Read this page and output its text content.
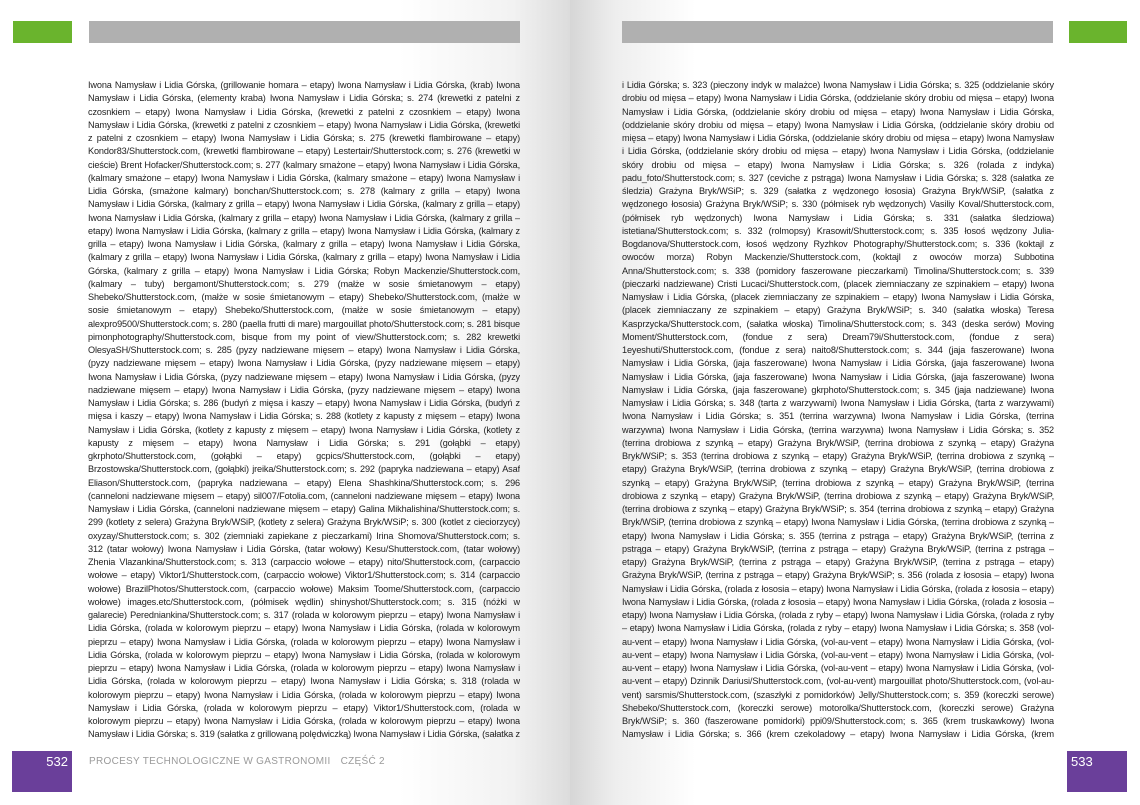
Iwona Namysław i Lidia Górska, (grillowanie homara – etapy) Iwona Namysław i Lidia Górska, (krab) Iwona Namysław i Lidia Górska, (elementy kraba) Iwona Namysław i Lidia Górska; s. 274 (krewetki z patelni z czosnkiem – etapy) Iwona Namysław i Lidia Górska, (krewetki z patelni z czosnkiem – etapy) Iwona Namysław i Lidia Górska, (krewetki z patelni z czosnkiem – etapy) Iwona Namysław i Lidia Górska, (krewetki z patelni z czosnkiem – etapy) Iwona Namysław i Lidia Górska; s. 275 (krewetki flambirowane – etapy) Kondor83/Shutterstock.com, (krewetki flambirowane – etapy) Lestertair/Shutterstock.com; s. 276 (krewetki w cieście) Brent Hofacker/Shutterstock.com; s. 277 (kalmary smażone – etapy) Iwona Namysław i Lidia Górska, (kalmary smażone – etapy) Iwona Namysław i Lidia Górska, (kalmary smażone – etapy) Iwona Namysław i Lidia Górska, (smażone kalmary) bonchan/Shutterstock.com; s. 278 (kalmary z grilla – etapy) Iwona Namysław i Lidia Górska, (kalmary z grilla – etapy) Iwona Namysław i Lidia Górska, (kalmary z grilla – etapy) Iwona Namysław i Lidia Górska, (kalmary z grilla – etapy) Iwona Namysław i Lidia Górska, (kalmary z grilla – etapy) Iwona Namysław i Lidia Górska, (kalmary z grilla – etapy) Iwona Namysław i Lidia Górska, (kalmary z grilla – etapy) Iwona Namysław i Lidia Górska, (kalmary z grilla – etapy) Iwona Namysław i Lidia Górska, (kalmary z grilla – etapy) Iwona Namysław i Lidia Górska, (kalmary z grilla – etapy) Iwona Namysław i Lidia Górska, (kalmary z grilla – etapy) Iwona Namysław i Lidia Górska; Robyn Mackenzie/Shutterstock.com, (kalmary – tuby) bergamont/Shutterstock.com; s. 279 (małże w sosie śmietanowym – etapy) Shebeko/Shutterstock.com, (małże w sosie śmietanowym – etapy) Shebeko/Shutterstock.com, (małże w sosie śmietanowym – etapy) Shebeko/Shutterstock.com, (małże w sosie śmietanowym – etapy) alexpro9500/Shutterstock.com; s. 280 (paella frutti di mare) margouillat photo/Shutterstock.com; s. 281 bisque pimonphotography/Shutterstock.com, bisque from my point of view/Shutterstock.com; s. 282 krewetki OlesyaSH/Shutterstock.com; s. 285 (pyzy nadziewane mięsem – etapy) Iwona Namysław i Lidia Górska, (pyzy nadziewane mięsem – etapy) Iwona Namysław i Lidia Górska, (pyzy nadziewane mięsem – etapy) Iwona Namysław i Lidia Górska, (pyzy nadziewane mięsem – etapy) Iwona Namysław i Lidia Górska, (pyzy nadziewane mięsem – etapy) Iwona Namysław i Lidia Górska, (pyzy nadziewane mięsem – etapy) Iwona Namysław i Lidia Górska; s. 286 (budyń z mięsa i kaszy – etapy) Iwona Namysław i Lidia Górska, (budyń z mięsa i kaszy – etapy) Iwona Namysław i Lidia Górska; s. 288 (kotlety z kapusty z mięsem – etapy) Iwona Namysław i Lidia Górska, (kotlety z kapusty z mięsem – etapy) Iwona Namysław i Lidia Górska, (kotlety z kapusty z mięsem – etapy) Iwona Namysław i Lidia Górska; s. 291 (gołąbki – etapy) gkrphoto/Shutterstock.com, (gołąbki – etapy) gcpics/Shutterstock.com, (gołąbki – etapy) Brzostowska/Shutterstock.com, (gołąbki) jreika/Shutterstock.com; s. 292 (papryka nadziewana – etapy) Asaf Eliason/Shutterstock.com, (papryka nadziewana – etapy) Elena Shashkina/Shutterstock.com; s. 296 (canneloni nadziewane mięsem – etapy) sil007/Fotolia.com, (canneloni nadziewane mięsem – etapy) Iwona Namysław i Lidia Górska, (canneloni nadziewane mięsem – etapy) Galina Mikhalishina/Shutterstock.com; s. 299 (kotlety z selera) Grażyna Bryk/WSiP, (kotlety z selera) Grażyna Bryk/WSiP; s. 300 (kotlet z cieciorzycy) oxyzay/Shutterstock.com; s. 302 (ziemniaki zapiekane z pieczarkami) Irina Shomova/Shutterstock.com; s. 312 (tatar wołowy) Iwona Namysław i Lidia Górska, (tatar wołowy) Kesu/Shutterstock.com, (tatar wołowy) Zhenia Vlazankina/Shutterstock.com; s. 313 (carpaccio wołowe – etapy) nito/Shutterstock.com, (carpaccio wołowe – etapy) Viktor1/Shutterstock.com, (carpaccio wołowe) Viktor1/Shutterstock.com; s. 314 (carpaccio wołowe) BrazilPhotos/Shutterstock.com, (carpaccio wołowe) Maksim Toome/Shutterstock.com, (carpaccio wołowe) images.etc/Shutterstock.com, (półmisek wędlin) shinyshot/Shutterstock.com; s. 315 (nóżki w galarecie) Peredniankina/Shutterstock.com; s. 317 (rolada w kolorowym pieprzu – etapy) Iwona Namysław i Lidia Górska, (rolada w kolorowym pieprzu – etapy) Iwona Namysław i Lidia Górska, (rolada w kolorowym pieprzu – etapy) Iwona Namysław i Lidia Górska, (rolada w kolorowym pieprzu – etapy) Iwona Namysław i Lidia Górska, (rolada w kolorowym pieprzu – etapy) Iwona Namysław i Lidia Górska, (rolada w kolorowym pieprzu – etapy) Iwona Namysław i Lidia Górska, (rolada w kolorowym pieprzu – etapy) Iwona Namysław i Lidia Górska, (rolada w kolorowym pieprzu – etapy) Iwona Namysław i Lidia Górska; s. 318 (rolada w kolorowym pieprzu – etapy) Iwona Namysław i Lidia Górska, (rolada w kolorowym pieprzu – etapy) Iwona Namysław i Lidia Górska, (rolada w kolorowym pieprzu – etapy) Viktor1/Shutterstock.com, (rolada w kolorowym pieprzu – etapy) Iwona Namysław i Lidia Górska, (rolada w kolorowym pieprzu – etapy) Iwona Namysław i Lidia Górska; s. 319 (sałatka z grillowaną polędwiczką) Iwona Namysław i Lidia Górska, (sałatka z

532 PROCESY TECHNOLOGICZNE W GASTRONOMII CZĘŚĆ 2

i Lidia Górska; s. 323 (pieczony indyk w malażce) Iwona Namysław i Lidia Górska; s. 325 (oddzielanie skóry drobiu od mięsa – etapy) Iwona Namysław i Lidia Górska, (oddzielanie skóry drobiu od mięsa – etapy) Iwona Namysław i Lidia Górska, (oddzielanie skóry drobiu od mięsa – etapy) Iwona Namysław i Lidia Górska, (oddzielanie skóry drobiu od mięsa – etapy) Iwona Namysław i Lidia Górska, (oddzielanie skóry drobiu od mięsa – etapy) Iwona Namysław i Lidia Górska, (oddzielanie skóry drobiu od mięsa – etapy) Iwona Namysław i Lidia Górska, (oddzielanie skóry drobiu od mięsa – etapy) Iwona Namysław i Lidia Górska, (oddzielanie skóry drobiu od mięsa – etapy) Iwona Namysław i Lidia Górska; s. 326 (rolada z indyka) padu_foto/Shutterstock.com; s. 327 (ceviche z pstrąga) Iwona Namysław i Lidia Górska; s. 328 (sałatka ze śledzia) Grażyna Bryk/WSiP; s. 329 (sałatka z wędzonego łososia) Grażyna Bryk/WSiP, (sałatka z wędzonego łososia) Grażyna Bryk/WSiP; s. 330 (półmisek ryb wędzonych) Vasiliy Koval/Shutterstock.com, (półmisek ryb wędzonych) Iwona Namysław i Lidia Górska; s. 331 (sałatka śledziowa) istetiana/Shutterstock.com; s. 332 (rolmopsy) Krasowit/Shutterstock.com; s. 335 łosoś wędzony Julia-Bogdanova/Shutterstock.com, łosoś wędzony Ryzhkov Photography/Shutterstock.com; s. 336 (koktajl z owoców morza) Robyn Mackenzie/Shutterstock.com, (koktajl z owoców morza) Subbotina Anna/Shutterstock.com; s. 338 (pomidory faszerowane pieczarkami) Timolina/Shutterstock.com; s. 339 (pieczarki nadziewane) Cristi Lucaci/Shutterstock.com, (placek ziemniaczany ze szpinakiem – etapy) Iwona Namysław i Lidia Górska, (placek ziemniaczany ze szpinakiem – etapy) Iwona Namysław i Lidia Górska, (placek ziemniaczany ze szpinakiem – etapy) Grażyna Bryk/WSiP; s. 340 (sałatka włoska) Teresa Kasprzycka/Shutterstock.com, (sałatka włoska) Timolina/Shutterstock.com; s. 343 (deska serów) Moving Moment/Shutterstock.com, (fondue z sera) Dream79i/Shutterstock.com, (fondue z sera) 1eyeshuti/Shutterstock.com, (fondue z sera) naito8/Shutterstock.com; s. 344 (jaja faszerowane) Iwona Namysław i Lidia Górska, (jaja faszerowane) Iwona Namysław i Lidia Górska, (jaja faszerowane) Iwona Namysław i Lidia Górska, (jaja faszerowane) Iwona Namysław i Lidia Górska, (jaja faszerowane) Iwona Namysław i Lidia Górska, (jaja faszerowane) gkrphoto/Shutterstock.com; s. 345 (jaja nadziewane) Iwona Namysław i Lidia Górska; s. 348 (tarta z warzywami) Iwona Namysław i Lidia Górska, (tarta z warzywami) Iwona Namysław i Lidia Górska; s. 351 (terrina warzywna) Iwona Namysław i Lidia Górska, (terrina warzywna) Iwona Namysław i Lidia Górska, (terrina warzywna) Iwona Namysław i Lidia Górska; s. 352 (terrina drobiowa z szynką – etapy) Grażyna Bryk/WSiP, (terrina drobiowa z szynką – etapy) Grażyna Bryk/WSiP; s. 353 (terrina drobiowa z szynką – etapy) Grażyna Bryk/WSiP, (terrina drobiowa z szynką – etapy) Grażyna Bryk/WSiP, (terrina drobiowa z szynką – etapy) Grażyna Bryk/WSiP, (terrina drobiowa z szynką – etapy) Grażyna Bryk/WSiP, (terrina drobiowa z szynką – etapy) Grażyna Bryk/WSiP, (terrina drobiowa z szynką – etapy) Grażyna Bryk/WSiP, (terrina drobiowa z szynką – etapy) Grażyna Bryk/WSiP, (terrina drobiowa z szynką – etapy) Grażyna Bryk/WSiP; s. 354 (terrina drobiowa z szynką – etapy) Grażyna Bryk/WSiP, (terrina drobiowa z szynką – etapy) Iwona Namysław i Lidia Górska, (terrina drobiowa z szynką – etapy) Iwona Namysław i Lidia Górska; s. 355 (terrina z pstrąga – etapy) Grażyna Bryk/WSiP, (terrina z pstrąga – etapy) Grażyna Bryk/WSiP, (terrina z pstrąga – etapy) Grażyna Bryk/WSiP, (terrina z pstrąga – etapy) Grażyna Bryk/WSiP, (terrina z pstrąga – etapy) Grażyna Bryk/WSiP, (terrina z pstrąga – etapy) Grażyna Bryk/WSiP, (terrina z pstrąga – etapy) Grażyna Bryk/WSiP; s. 356 (rolada z łososia – etapy) Iwona Namysław i Lidia Górska, (rolada z łososia – etapy) Iwona Namysław i Lidia Górska, (rolada z łososia – etapy) Iwona Namysław i Lidia Górska, (rolada z łososia – etapy) Iwona Namysław i Lidia Górska, (rolada z łososia – etapy) Iwona Namysław i Lidia Górska, (rolada z ryby – etapy) Iwona Namysław i Lidia Górska, (rolada z ryby – etapy) Iwona Namysław i Lidia Górska, (rolada z ryby – etapy) Iwona Namysław i Lidia Górska; s. 358 (vol-au-vent – etapy) Iwona Namysław i Lidia Górska, (vol-au-vent – etapy) Iwona Namysław i Lidia Górska, (vol-au-vent – etapy) Iwona Namysław i Lidia Górska, (vol-au-vent – etapy) Iwona Namysław i Lidia Górska, (vol-au-vent – etapy) Iwona Namysław i Lidia Górska, (vol-au-vent – etapy) Iwona Namysław i Lidia Górska, (vol-au-vent – etapy) Dzinnik Dariusi/Shutterstock.com, (vol-au-vent) margouillat photo/Shutterstock.com, (vol-au-vent) sarsmis/Shutterstock.com, (szaszłyki z pomidorków) Jelly/Shutterstock.com; s. 359 (koreczki serowe) Shebeko/Shutterstock.com, (koreczki serowe) motorolka/Shutterstock.com, (koreczki serowe) Grażyna Bryk/WSiP; s. 360 (faszerowane pomidorki) ppi09/Shutterstock.com; s. 365 (krem truskawkowy) Iwona Namysław i Lidia Górska; s. 366 (krem czekoladowy – etapy) Iwona Namysław i Lidia Górska, (krem

533
